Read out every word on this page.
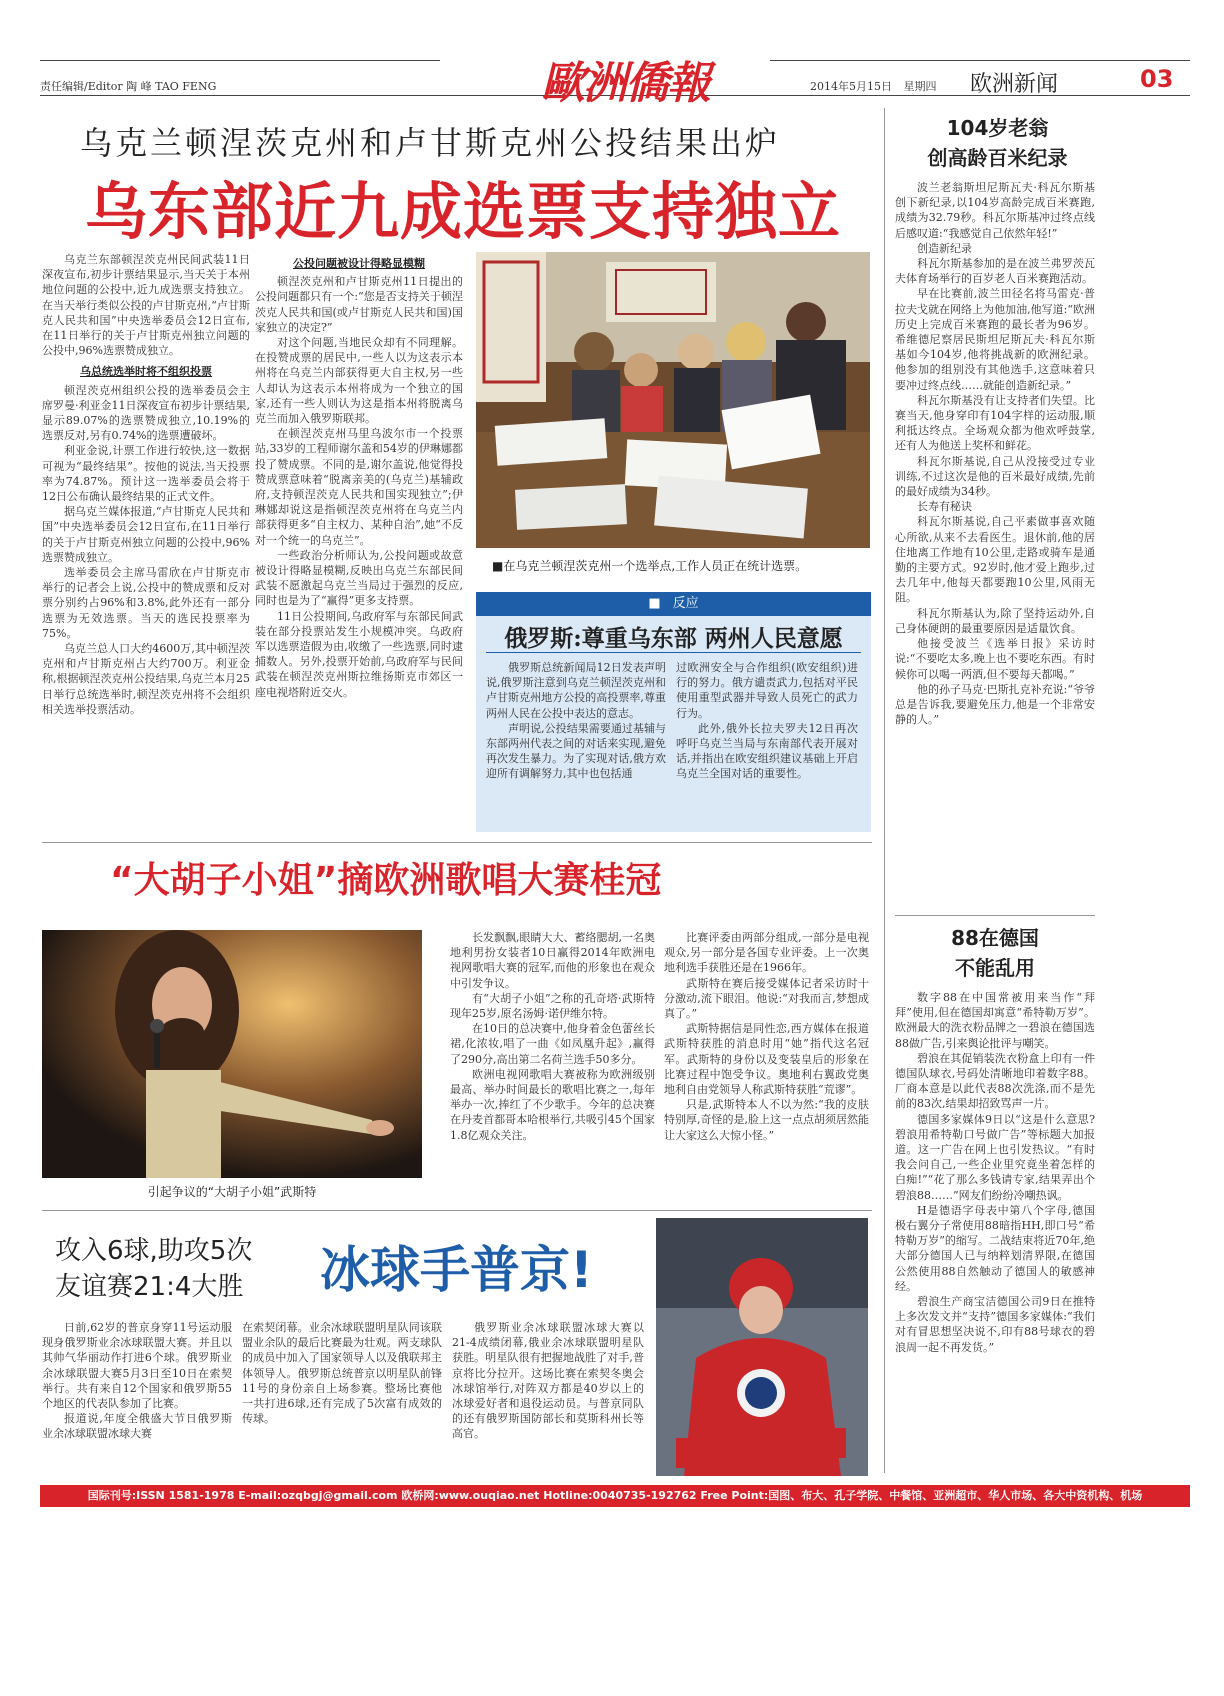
责任编辑/Editor 陶 峰 TAO FENG	歐洲僑報	2014年5月15日 星期四 欧洲新闻	03
乌克兰顿涅茨克州和卢甘斯克州公投结果出炉
乌东部近九成选票支持独立

乌克兰东部顿涅茨克州民间武装11日深夜宣布,初步计票结果显示,当天关于本州地位问题的公投中,近九成选票支持独立。在当天举行类似公投的卢甘斯克州,“卢甘斯克人民共和国”中央选举委员会12日宣布,在11日举行的关于卢甘斯克州独立问题的公投中,96%选票赞成独立。

乌总统选举时将不组织投票

顿涅茨克州组织公投的选举委员会主席罗曼·利亚金11日深夜宣布初步计票结果,显示89.07%的选票赞成独立,10.19%的选票反对,另有0.74%的选票遭破坏。

利亚金说,计票工作进行较快,这一数据可视为“最终结果”。按他的说法,当天投票率为74.87%。预计这一选举委员会将于12日公布确认最终结果的正式文件。

据乌克兰媒体报道,“卢甘斯克人民共和国”中央选举委员会12日宣布,在11日举行的关于卢甘斯克州独立问题的公投中,96%选票赞成独立。

选举委员会主席马雷欣在卢甘斯克市举行的记者会上说,公投中的赞成票和反对票分别约占96%和3.8%,此外还有一部分选票为无效选票。当天的选民投票率为75%。

乌克兰总人口大约4600万,其中顿涅茨克州和卢甘斯克州占大约700万。利亚金称,根据顿涅茨克州公投结果,乌克兰本月25日举行总统选举时,顿涅茨克州将不会组织相关选举投票活动。

公投问题被设计得略显模糊

顿涅茨克州和卢甘斯克州11日提出的公投问题都只有一个:“您是否支持关于顿涅茨克人民共和国(或卢甘斯克人民共和国)国家独立的决定?”

对这个问题,当地民众却有不同理解。在投赞成票的居民中,一些人以为这表示本州将在乌克兰内部获得更大自主权,另一些人却认为这表示本州将成为一个独立的国家,还有一些人则认为这是指本州将脱离乌克兰而加入俄罗斯联邦。

在顿涅茨克州马里乌波尔市一个投票站,33岁的工程师谢尔盖和54岁的伊琳娜都投了赞成票。不同的是,谢尔盖说,他觉得投赞成票意味着“脱离亲美的(乌克兰)基辅政府,支持顿涅茨克人民共和国实现独立”;伊琳娜却说这是指顿涅茨克州将在乌克兰内部获得更多“自主权力、某种自治”,她“不反对一个统一的乌克兰”。

一些政治分析师认为,公投问题或故意被设计得略显模糊,反映出乌克兰东部民间武装不愿激起乌克兰当局过于强烈的反应,同时也是为了“赢得”更多支持票。

11日公投期间,乌政府军与东部民间武装在部分投票站发生小规模冲突。乌政府军以选票造假为由,收缴了一些选票,同时逮捕数人。另外,投票开始前,乌政府军与民间武装在顿涅茨克州斯拉维扬斯克市郊区一座电视塔附近交火。

■在乌克兰顿涅茨克州一个选举点,工作人员正在统计选票。
■ 反应
俄罗斯:尊重乌东部 两州人民意愿

俄罗斯总统新闻局12日发表声明说,俄罗斯注意到乌克兰顿涅茨克州和卢甘斯克州地方公投的高投票率,尊重两州人民在公投中表达的意志。

声明说,公投结果需要通过基辅与东部两州代表之间的对话来实现,避免再次发生暴力。为了实现对话,俄方欢迎所有调解努力,其中也包括通

过欧洲安全与合作组织(欧安组织)进行的努力。俄方谴责武力,包括对平民使用重型武器并导致人员死亡的武力行为。

此外,俄外长拉夫罗夫12日再次呼吁乌克兰当局与东南部代表开展对话,并指出在欧安组织建议基础上开启乌克兰全国对话的重要性。

104岁老翁
创高龄百米纪录

波兰老翁斯坦尼斯瓦夫·科瓦尔斯基创下新纪录,以104岁高龄完成百米赛跑,成绩为32.79秒。科瓦尔斯基冲过终点线后感叹道:“我感觉自己依然年轻!”

创造新纪录

科瓦尔斯基参加的是在波兰弗罗茨瓦夫体育场举行的百岁老人百米赛跑活动。

早在比赛前,波兰田径名将马雷克·普拉夫戈就在网络上为他加油,他写道:“欧洲历史上完成百米赛跑的最长者为96岁。希维德尼察居民斯坦尼斯瓦夫·科瓦尔斯基如今104岁,他将挑战新的欧洲纪录。他参加的组别没有其他选手,这意味着只要冲过终点线……就能创造新纪录。”

科瓦尔斯基没有让支持者们失望。比赛当天,他身穿印有104字样的运动服,顺利抵达终点。全场观众都为他欢呼鼓掌,还有人为他送上奖杯和鲜花。

科瓦尔斯基说,自己从没接受过专业训练,不过这次是他的百米最好成绩,先前的最好成绩为34秒。

长寿有秘诀

科瓦尔斯基说,自己平素做事喜欢随心所欲,从来不去看医生。退休前,他的居住地离工作地有10公里,走路或骑车是通勤的主要方式。92岁时,他才爱上跑步,过去几年中,他每天都要跑10公里,风雨无阻。

科瓦尔斯基认为,除了坚持运动外,自己身体硬朗的最重要原因是适量饮食。

他接受波兰《选举日报》采访时说:“不要吃太多,晚上也不要吃东西。有时候你可以喝一两酒,但不要每天都喝。”

他的孙子马克·巴斯扎克补充说:“爷爷总是告诉我,要避免压力,他是一个非常安静的人。”

88在德国
不能乱用

数字88在中国常被用来当作“拜拜”使用,但在德国却寓意“希特勒万岁”。欧洲最大的洗衣粉品牌之一碧浪在德国选88做广告,引来舆论批评与嘲笑。

碧浪在其促销装洗衣粉盒上印有一件德国队球衣,号码处清晰地印着数字88。厂商本意是以此代表88次洗涤,而不是先前的83次,结果却招致骂声一片。

德国多家媒体9日以“这是什么意思?碧浪用希特勒口号做广告”等标题大加报道。这一广告在网上也引发热议。“有时我会问自己,一些企业里究竟坐着怎样的白痴!”“花了那么多钱请专家,结果弄出个碧浪88……”网友们纷纷冷嘲热讽。

H是德语字母表中第八个字母,德国极右翼分子常使用88暗指HH,即口号“希特勒万岁”的缩写。二战结束将近70年,绝大部分德国人已与纳粹划清界限,在德国公然使用88自然触动了德国人的敏感神经。

碧浪生产商宝洁德国公司9日在推特上多次发文并“支持”德国多家媒体:“我们对有冒思想坚决说不,印有88号球衣的碧浪周一起不再发货。”

“大胡子小姐”摘欧洲歌唱大赛桂冠
引起争议的“大胡子小姐”武斯特

长发飘飘,眼睛大大、蓄络腮胡,一名奥地利男扮女装者10日赢得2014年欧洲电视网歌唱大赛的冠军,而他的形象也在观众中引发争议。

有“大胡子小姐”之称的孔奇塔·武斯特现年25岁,原名汤姆·诺伊维尔特。

在10日的总决赛中,他身着金色蕾丝长裙,化浓妆,唱了一曲《如凤凰升起》,赢得了290分,高出第二名荷兰选手50多分。

欧洲电视网歌唱大赛被称为欧洲级别最高、举办时间最长的歌唱比赛之一,每年举办一次,捧红了不少歌手。今年的总决赛在丹麦首都哥本哈根举行,共吸引45个国家1.8亿观众关注。

比赛评委由两部分组成,一部分是电视观众,另一部分是各国专业评委。上一次奥地利选手获胜还是在1966年。

武斯特在赛后接受媒体记者采访时十分激动,流下眼泪。他说:“对我而言,梦想成真了。”

武斯特据信是同性恋,西方媒体在报道武斯特获胜的消息时用“她”指代这名冠军。武斯特的身份以及变装皇后的形象在比赛过程中饱受争议。奥地利右翼政党奥地利自由党领导人称武斯特获胜“荒谬”。

只是,武斯特本人不以为然:“我的皮肤特别厚,奇怪的是,脸上这一点点胡须居然能让大家这么大惊小怪。”

攻入6球,助攻5次
友谊赛21:4大胜	冰球手普京!

日前,62岁的普京身穿11号运动服现身俄罗斯业余冰球联盟大赛。并且以其帅气华丽动作打进6个球。俄罗斯业余冰球联盟大赛5月3日至10日在索契举行。共有来自12个国家和俄罗斯55个地区的代表队参加了比赛。

报道说,年度全俄盛大节日俄罗斯业余冰球联盟冰球大赛

在索契闭幕。业余冰球联盟明星队同该联盟业余队的最后比赛最为壮观。两支球队的成员中加入了国家领导人以及俄联邦主体领导人。俄罗斯总统普京以明星队前锋11号的身份亲自上场参赛。整场比赛他一共打进6球,还有完成了5次富有成效的传球。

俄罗斯业余冰球联盟冰球大赛以21-4成绩闭幕,俄业余冰球联盟明星队获胜。明星队很有把握地战胜了对手,普京将比分拉开。这场比赛在索契冬奥会冰球馆举行,对阵双方都是40岁以上的冰球爱好者和退役运动员。与普京同队的还有俄罗斯国防部长和莫斯科州长等高官。

国际刊号:ISSN 1581-1978 E-mail:ozqbgj@gmail.com 欧桥网:www.ouqiao.net Hotline:0040735-192762 Free Point:国图、布大、孔子学院、中餐馆、亚洲超市、华人市场、各大中资机构、机场
